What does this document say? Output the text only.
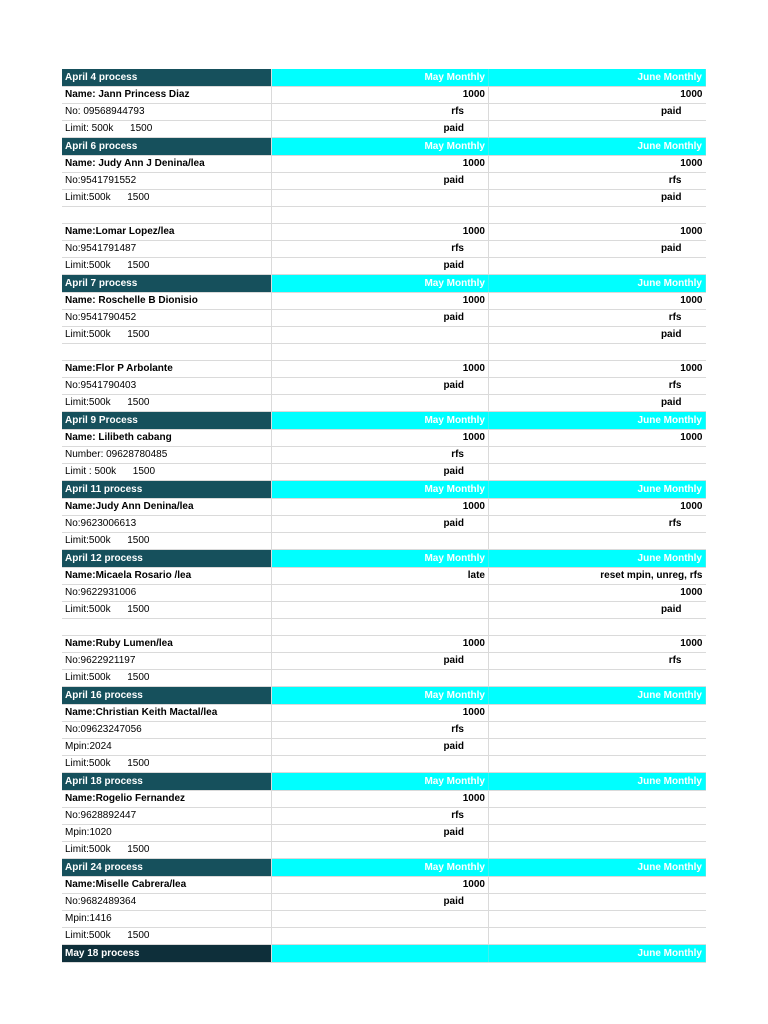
April 4 process	May Monthly	June Monthly
Name: Jann Princess Diaz	1000	1000
No: 09568944793	rfs	paid
Limit: 500k      1500	paid	
April 6 process	May Monthly	June Monthly
Name: Judy Ann J Denina/lea	1000	1000
No:9541791552	paid	rfs
Limit:500k      1500		paid

Name:Lomar Lopez/lea	1000	1000
No:9541791487	rfs	paid
Limit:500k      1500	paid	
April 7 process	May Monthly	June Monthly
Name: Roschelle B Dionisio	1000	1000
No:9541790452	paid	rfs
Limit:500k      1500		paid

Name:Flor P Arbolante	1000	1000
No:9541790403	paid	rfs
Limit:500k      1500		paid
April 9 Process	May Monthly	June Monthly
Name: Lilibeth cabang	1000	1000
Number: 09628780485	rfs	
Limit : 500k      1500	paid	
April 11 process	May Monthly	June Monthly
Name:Judy Ann Denina/lea	1000	1000
No:9623006613	paid	rfs
Limit:500k      1500		
April 12 process	May Monthly	June Monthly
Name:Micaela Rosario /lea	late	reset mpin, unreg, rfs
No:9622931006		1000
Limit:500k      1500		paid

Name:Ruby Lumen/lea	1000	1000
No:9622921197	paid	rfs
Limit:500k      1500		
April 16 process	May Monthly	June Monthly
Name:Christian Keith Mactal/lea	1000	
No:09623247056	rfs	
Mpin:2024	paid	
Limit:500k      1500		
April 18 process	May Monthly	June Monthly
Name:Rogelio Fernandez	1000	
No:9628892447	rfs	
Mpin:1020	paid	
Limit:500k      1500		
April 24 process	May Monthly	June Monthly
Name:Miselle Cabrera/lea	1000	
No:9682489364	paid	
Mpin:1416		
Limit:500k      1500		
May 18 process		June Monthly
